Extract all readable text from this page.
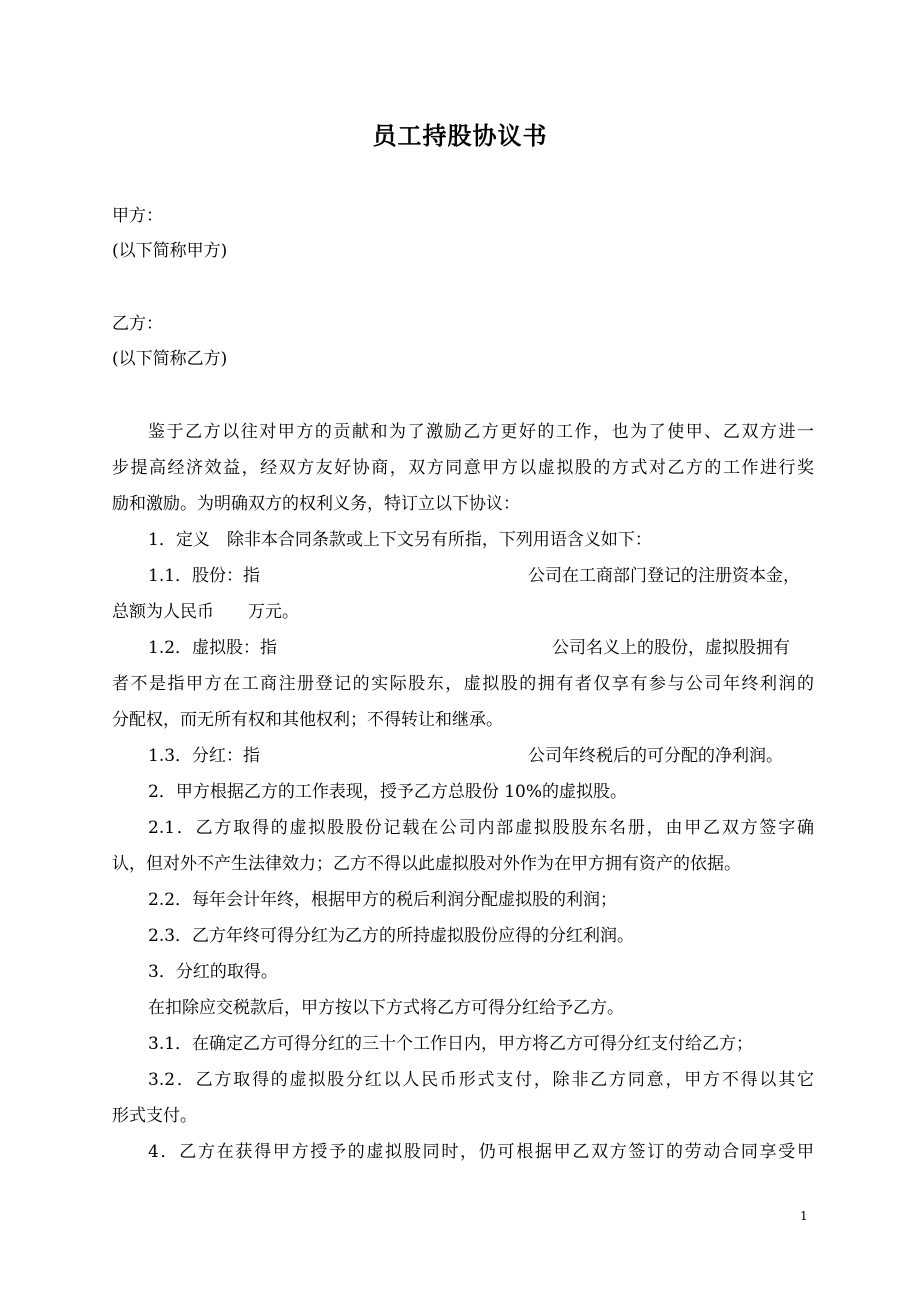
员工持股协议书
甲方：
(以下简称甲方)
乙方：
(以下简称乙方)
鉴于乙方以往对甲方的贡献和为了激励乙方更好的工作，也为了使甲、乙双方进一
步提高经济效益，经双方友好协商，双方同意甲方以虚拟股的方式对乙方的工作进行奖
励和激励。为明确双方的权利义务，特订立以下协议：
1．定义　除非本合同条款或上下文另有所指，下列用语含义如下：
1.1．股份：指	公司在工商部门登记的注册资本金，
总额为人民币　　万元。
1.2．虚拟股：指	公司名义上的股份，虚拟股拥有
者不是指甲方在工商注册登记的实际股东，虚拟股的拥有者仅享有参与公司年终利润的
分配权，而无所有权和其他权利；不得转让和继承。
1.3．分红：指	公司年终税后的可分配的净利润。
2．甲方根据乙方的工作表现，授予乙方总股份 10%的虚拟股。
2.1．乙方取得的虚拟股股份记载在公司内部虚拟股股东名册，由甲乙双方签字确
认，但对外不产生法律效力；乙方不得以此虚拟股对外作为在甲方拥有资产的依据。
2.2．每年会计年终，根据甲方的税后利润分配虚拟股的利润；
2.3．乙方年终可得分红为乙方的所持虚拟股份应得的分红利润。
3．分红的取得。
在扣除应交税款后，甲方按以下方式将乙方可得分红给予乙方。
3.1．在确定乙方可得分红的三十个工作日内，甲方将乙方可得分红支付给乙方；
3.2．乙方取得的虚拟股分红以人民币形式支付，除非乙方同意，甲方不得以其它
形式支付。
4．乙方在获得甲方授予的虚拟股同时，仍可根据甲乙双方签订的劳动合同享受甲
1
